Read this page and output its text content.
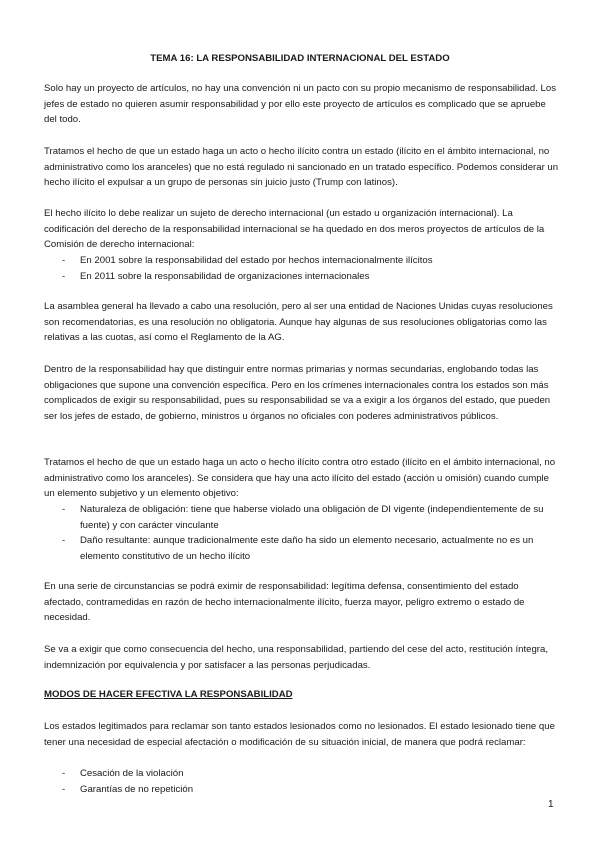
TEMA 16: LA RESPONSABILIDAD INTERNACIONAL DEL ESTADO

Solo hay un proyecto de artículos, no hay una convención ni un pacto con su propio mecanismo de responsabilidad. Los jefes de estado no quieren asumir responsabilidad y por ello este proyecto de artículos es complicado que se apruebe del todo.

Tratamos el hecho de que un estado haga un acto o hecho ilícito contra un estado (ilícito en el ámbito internacional, no administrativo como los aranceles) que no está regulado ni sancionado en un tratado específico. Podemos considerar un hecho ilícito el expulsar a un grupo de personas sin juicio justo (Trump con latinos).

El hecho ilícito lo debe realizar un sujeto de derecho internacional (un estado u organización internacional). La codificación del derecho de la responsabilidad internacional se ha quedado en dos meros proyectos de artículos de la Comisión de derecho internacional:

- En 2001 sobre la responsabilidad del estado por hechos internacionalmente ilícitos
- En 2011 sobre la responsabilidad de organizaciones internacionales

La asamblea general ha llevado a cabo una resolución, pero al ser una entidad de Naciones Unidas cuyas resoluciones son recomendatorias, es una resolución no obligatoria. Aunque hay algunas de sus resoluciones obligatorias como las relativas a las cuotas, así como el Reglamento de la AG.

Dentro de la responsabilidad hay que distinguir entre normas primarias y normas secundarias, englobando todas las obligaciones que supone una convención específica. Pero en los crímenes internacionales contra los estados son más complicados de exigir su responsabilidad, pues su responsabilidad se va a exigir a los órganos del estado, que pueden ser los jefes de estado, de gobierno, ministros u órganos no oficiales con poderes administrativos públicos.

Tratamos el hecho de que un estado haga un acto o hecho ilícito contra otro estado (ilícito en el ámbito internacional, no administrativo como los aranceles). Se considera que hay una acto ilícito del estado (acción u omisión) cuando cumple un elemento subjetivo y un elemento objetivo:

- Naturaleza de obligación: tiene que haberse violado una obligación de DI vigente (independientemente de su fuente) y con carácter vinculante
- Daño resultante: aunque tradicionalmente este daño ha sido un elemento necesario, actualmente no es un elemento constitutivo de un hecho ilícito

En una serie de circunstancias se podrá eximir de responsabilidad: legítima defensa, consentimiento del estado afectado, contramedidas en razón de hecho internacionalmente ilícito, fuerza mayor, peligro extremo o estado de necesidad.

Se va a exigir que como consecuencia del hecho, una responsabilidad, partiendo del cese del acto, restitución íntegra, indemnización por equivalencia y por satisfacer a las personas perjudicadas.

MODOS DE HACER EFECTIVA LA RESPONSABILIDAD

Los estados legitimados para reclamar son tanto estados lesionados como no lesionados. El estado lesionado tiene que tener una necesidad de especial afectación o modificación de su situación inicial, de manera que podrá reclamar:

- Cesación de la violación
- Garantías de no repetición
1
